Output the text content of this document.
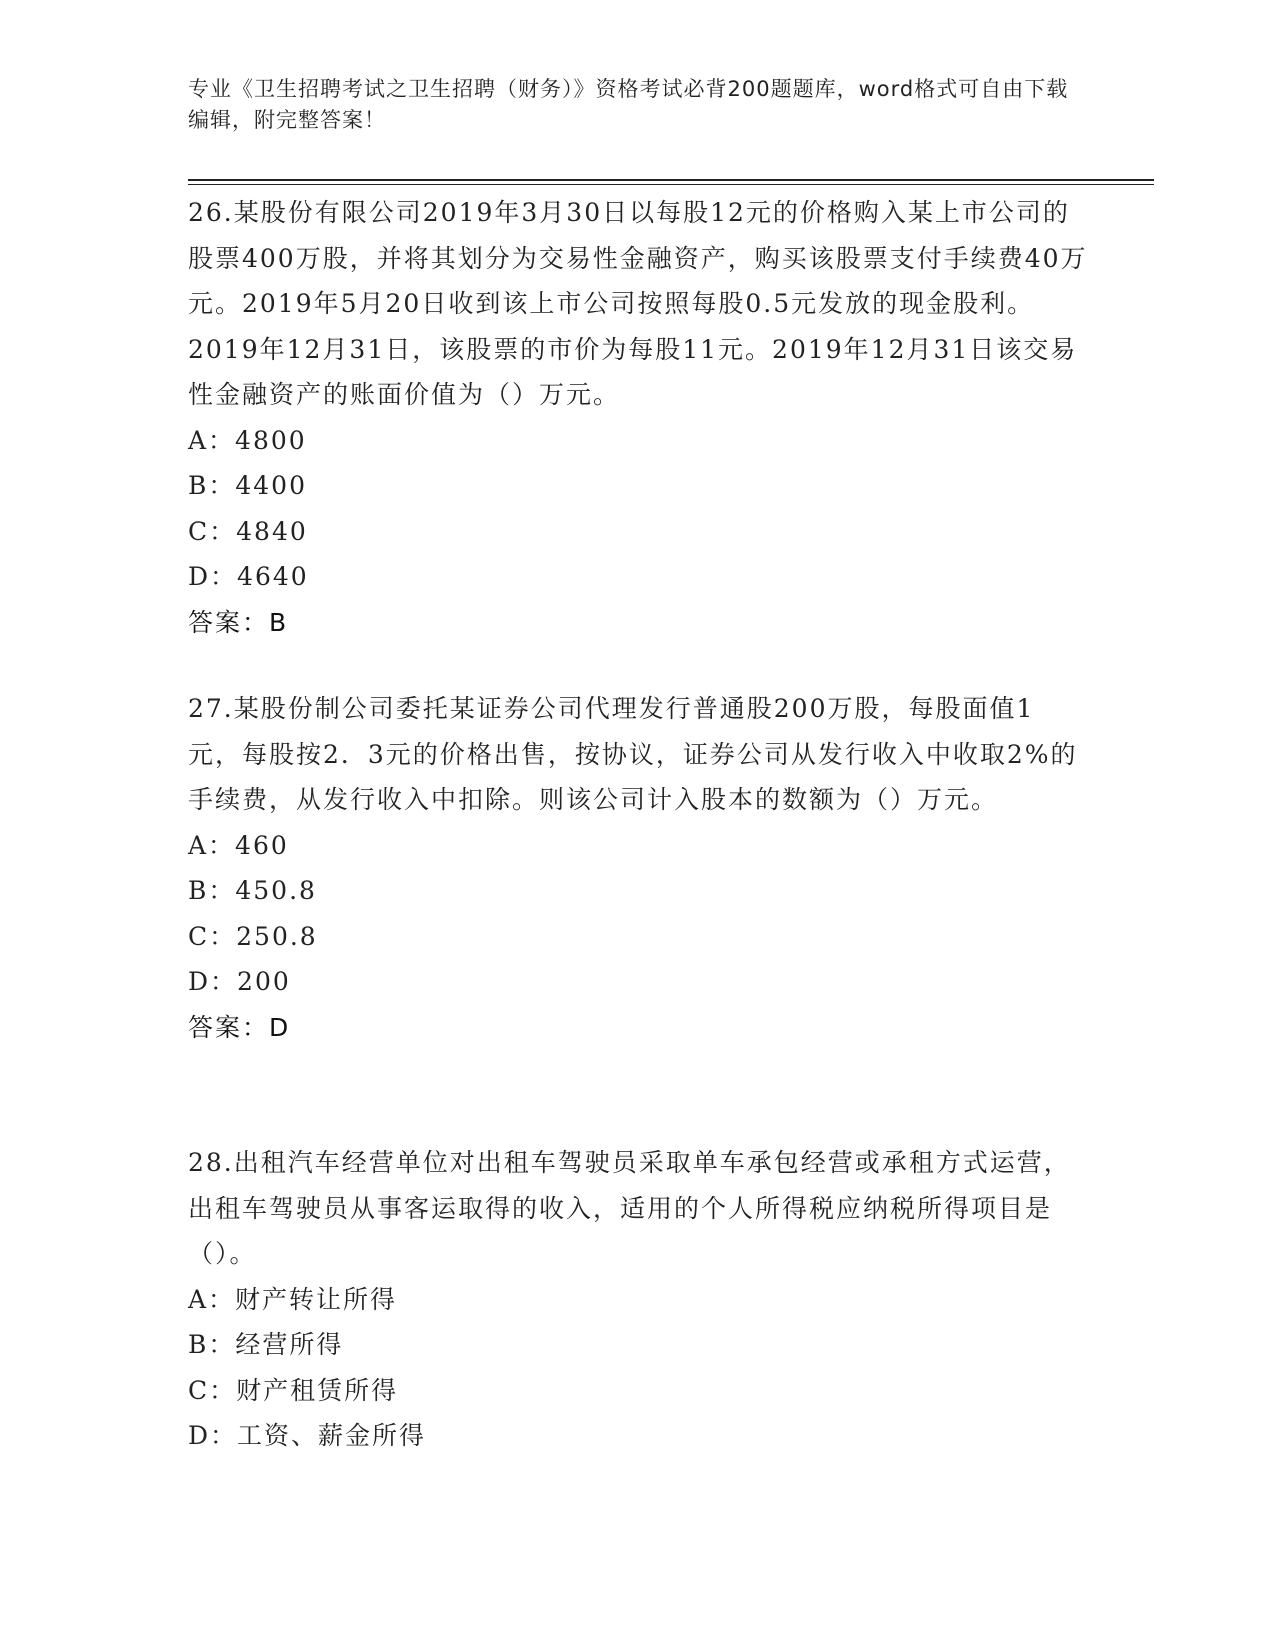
专业《卫生招聘考试之卫生招聘（财务）》资格考试必背200题题库，word格式可自由下载编辑，附完整答案！

26.某股份有限公司2019年3月30日以每股12元的价格购入某上市公司的股票400万股，并将其划分为交易性金融资产，购买该股票支付手续费40万元。2019年5月20日收到该上市公司按照每股0.5元发放的现金股利。2019年12月31日，该股票的市价为每股11元。2019年12月31日该交易性金融资产的账面价值为（）万元。

A：4800

B：4400

C：4840

D：4640

答案：B

27.某股份制公司委托某证券公司代理发行普通股200万股，每股面值1元，每股按2．3元的价格出售，按协议，证券公司从发行收入中收取2%的手续费，从发行收入中扣除。则该公司计入股本的数额为（）万元。

A：460

B：450.8

C：250.8

D：200

答案：D

28.出租汽车经营单位对出租车驾驶员采取单车承包经营或承租方式运营，出租车驾驶员从事客运取得的收入，适用的个人所得税应纳税所得项目是（）。

A：财产转让所得

B：经营所得

C：财产租赁所得

D：工资、薪金所得
